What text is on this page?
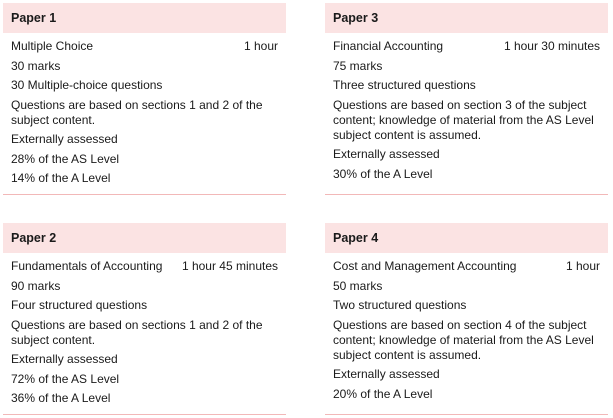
Paper 1
Multiple Choice	1 hour
30 marks
30 Multiple-choice questions
Questions are based on sections 1 and 2 of the subject content.
Externally assessed
28% of the AS Level
14% of the A Level
Paper 3
Financial Accounting	1 hour 30 minutes
75 marks
Three structured questions
Questions are based on section 3 of the subject content; knowledge of material from the AS Level subject content is assumed.
Externally assessed
30% of the A Level
Paper 2
Fundamentals of Accounting 1 hour 45 minutes
90 marks
Four structured questions
Questions are based on sections 1 and 2 of the subject content.
Externally assessed
72% of the AS Level
36% of the A Level
Paper 4
Cost and Management Accounting	1 hour
50 marks
Two structured questions
Questions are based on section 4 of the subject content; knowledge of material from the AS Level subject content is assumed.
Externally assessed
20% of the A Level
